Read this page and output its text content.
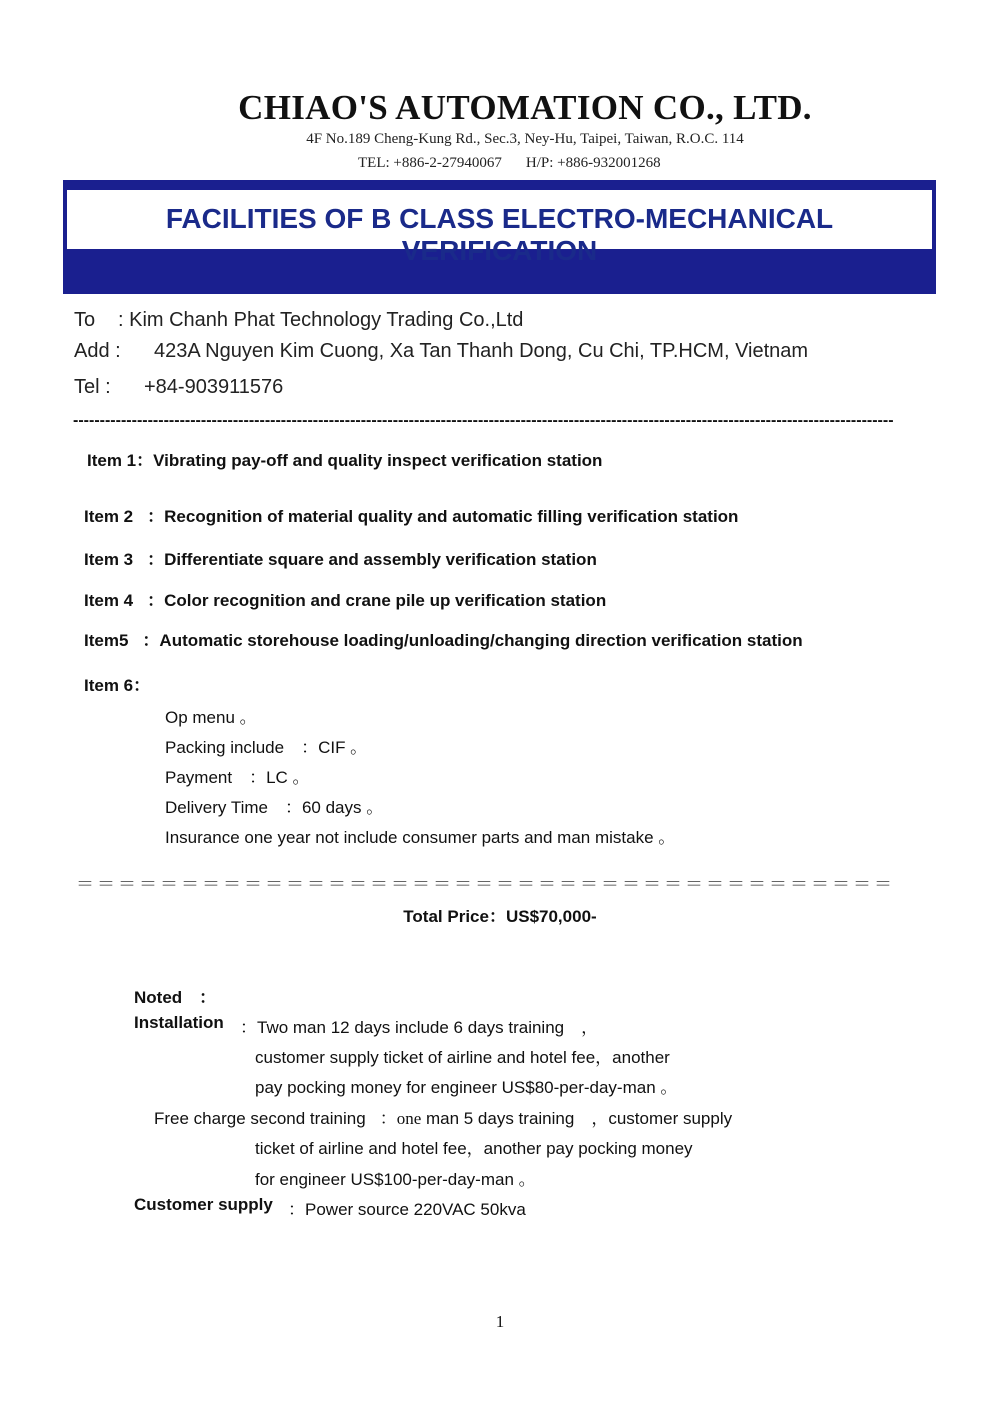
CHIAO'S AUTOMATION CO., LTD.
4F No.189 Cheng-Kung Rd., Sec.3, Ney-Hu, Taipei, Taiwan, R.O.C. 114
TEL: +886-2-27940067 H/P: +886-932001268
FACILITIES OF B CLASS ELECTRO-MECHANICAL VERIFICATION
To : Kim Chanh Phat Technology Trading Co.,Ltd
Add : 423A Nguyen Kim Cuong, Xa Tan Thanh Dong, Cu Chi, TP.HCM, Vietnam
Tel : +84-903911576
----------------------------------------------------------------------------------------------------------------------------------------------------------
Item 1：Vibrating pay-off and quality inspect verification station
Item 2 ：Recognition of material quality and automatic filling verification station
Item 3 ：Differentiate square and assembly verification station
Item 4 ：Color recognition and crane pile up verification station
Item5 ：Automatic storehouse loading/unloading/changing direction verification station
Item 6：
Op menu 。
Packing include　：CIF 。
Payment　：LC 。
Delivery Time　：60 days 。
Insurance one year not include consumer parts and man mistake 。
＝＝＝＝＝＝＝＝＝＝＝＝＝＝＝＝＝＝＝＝＝＝＝＝＝＝＝＝＝＝＝＝＝＝＝＝＝＝＝
Total Price：US$70,000-
Noted　：
Installation ：Two man 12 days include 6 days training　，
customer supply ticket of airline and hotel fee，another
pay pocking money for engineer US$80-per-day-man 。
Free charge second training ：one man 5 days training　，customer supply
ticket of airline and hotel fee，another pay pocking money
for engineer US$100-per-day-man 。
Customer supply ：Power source 220VAC 50kva
1
